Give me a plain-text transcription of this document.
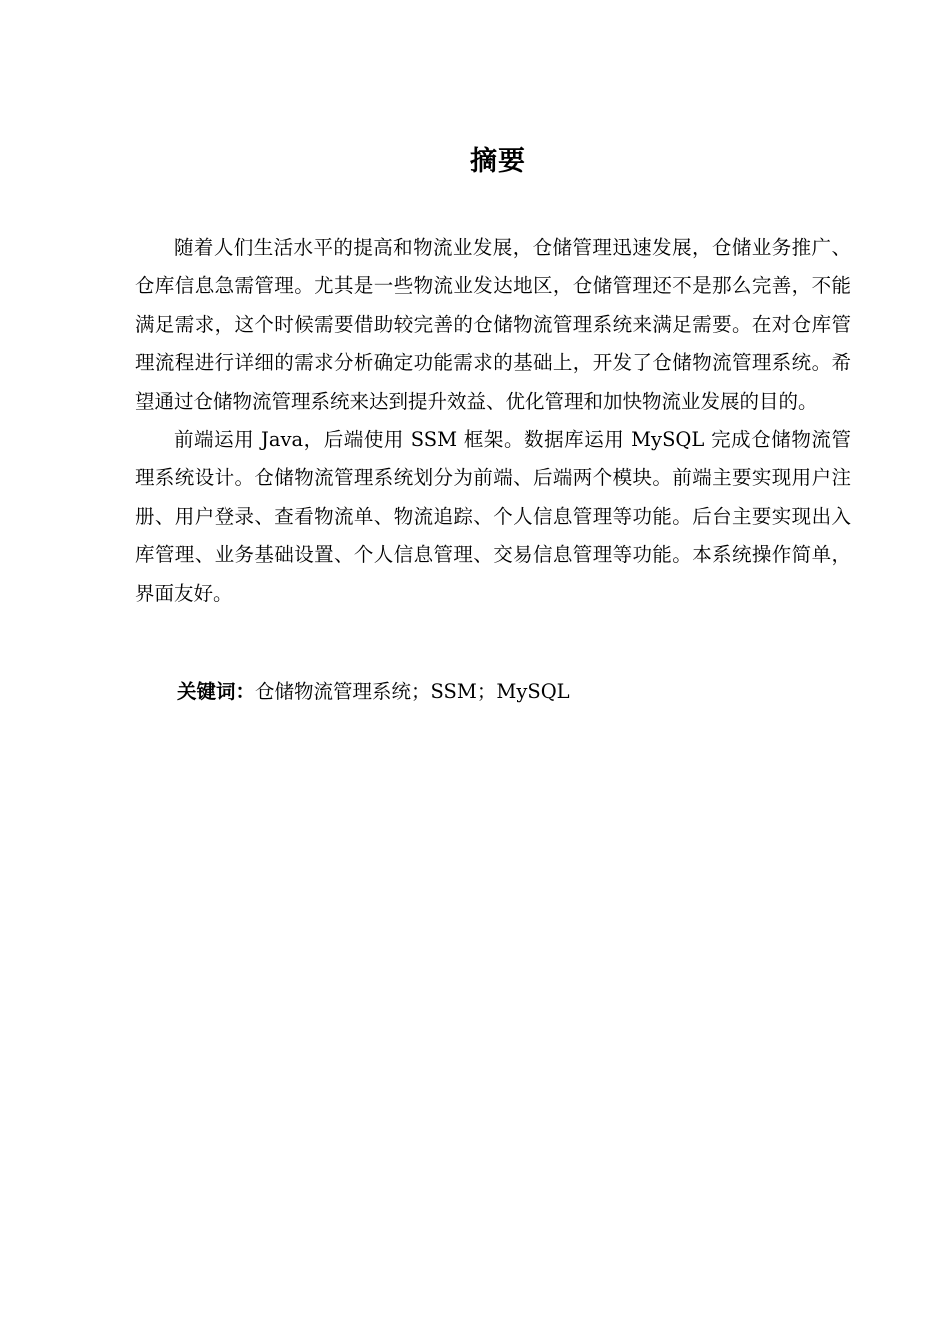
摘要

随着人们生活水平的提高和物流业发展，仓储管理迅速发展，仓储业务推广、仓库信息急需管理。尤其是一些物流业发达地区，仓储管理还不是那么完善，不能满足需求，这个时候需要借助较完善的仓储物流管理系统来满足需要。在对仓库管理流程进行详细的需求分析确定功能需求的基础上，开发了仓储物流管理系统。希望通过仓储物流管理系统来达到提升效益、优化管理和加快物流业发展的目的。

前端运用 Java，后端使用 SSM 框架。数据库运用 MySQL 完成仓储物流管理系统设计。仓储物流管理系统划分为前端、后端两个模块。前端主要实现用户注册、用户登录、查看物流单、物流追踪、个人信息管理等功能。后台主要实现出入库管理、业务基础设置、个人信息管理、交易信息管理等功能。本系统操作简单，界面友好。

关键词：仓储物流管理系统；SSM；MySQL
